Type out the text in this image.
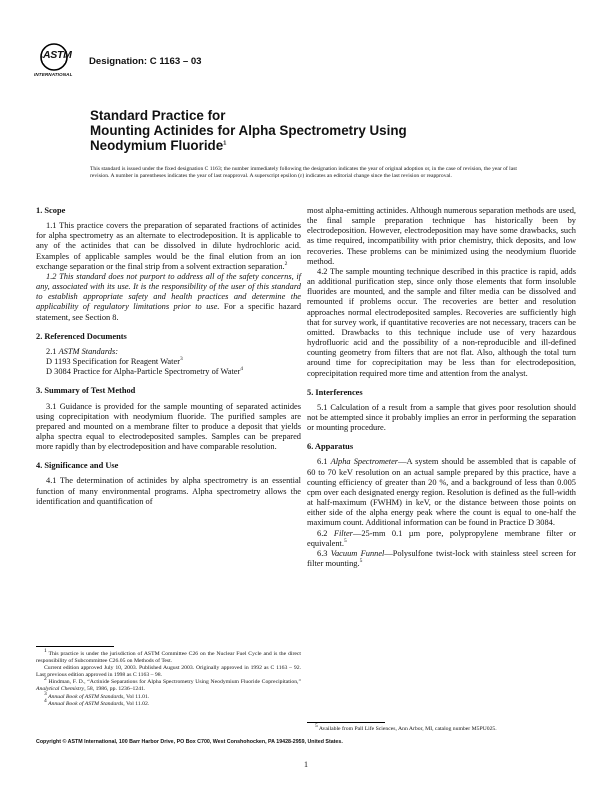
ASTM
INTERNATIONAL
Designation: C 1163 – 03
Standard Practice for
Mounting Actinides for Alpha Spectrometry Using
Neodymium Fluoride$^1$
This standard is issued under the fixed designation C 1163; the number immediately following the designation indicates the year of original adoption or, in the case of revision, the year of last revision. A number in parentheses indicates the year of last reapproval. A superscript epsilon (ε) indicates an editorial change since the last revision or reapproval.
1. Scope

1.1 This practice covers the preparation of separated fractions of actinides for alpha spectrometry as an alternate to electrodeposition. It is applicable to any of the actinides that can be dissolved in dilute hydrochloric acid. Examples of applicable samples would be the final elution from an ion exchange separation or the final strip from a solvent extraction separation.$^2$

1.2 This standard does not purport to address all of the safety concerns, if any, associated with its use. It is the responsibility of the user of this standard to establish appropriate safety and health practices and determine the applicability of regulatory limitations prior to use. For a specific hazard statement, see Section 8.

2. Referenced Documents

2.1 ASTM Standards:

D 1193 Specification for Reagent Water$^3$
D 3084 Practice for Alpha-Particle Spectrometry of Water$^4$
3. Summary of Test Method

3.1 Guidance is provided for the sample mounting of separated actinides using coprecipitation with neodymium fluoride. The purified samples are prepared and mounted on a membrane filter to produce a deposit that yields alpha spectra equal to electrodeposited samples. Samples can be prepared more rapidly than by electrodeposition and have comparable resolution.

4. Significance and Use

4.1 The determination of actinides by alpha spectrometry is an essential function of many environmental programs. Alpha spectrometry allows the identification and quantification of

most alpha-emitting actinides. Although numerous separation methods are used, the final sample preparation technique has historically been by electrodeposition. However, electrodeposition may have some drawbacks, such as time required, incompatibility with prior chemistry, thick deposits, and low recoveries. These problems can be minimized using the neodymium fluoride method.

4.2 The sample mounting technique described in this practice is rapid, adds an additional purification step, since only those elements that form insoluble fluorides are mounted, and the sample and filter media can be dissolved and remounted if problems occur. The recoveries are better and resolution approaches normal electrodeposited samples. Recoveries are sufficiently high that for survey work, if quantitative recoveries are not necessary, tracers can be omitted. Drawbacks to this technique include use of very hazardous hydrofluoric acid and the possibility of a non-reproducible and ill-defined counting geometry from filters that are not flat. Also, although the total turn around time for coprecipitation may be less than for electrodeposition, coprecipitation required more time and attention from the analyst.

5. Interferences

5.1 Calculation of a result from a sample that gives poor resolution should not be attempted since it probably implies an error in performing the separation or mounting procedure.

6. Apparatus

6.1 Alpha Spectrometer—A system should be assembled that is capable of 60 to 70 keV resolution on an actual sample prepared by this practice, have a counting efficiency of greater than 20 %, and a background of less than 0.005 cpm over each designated energy region. Resolution is defined as the full-width at half-maximum (FWHM) in keV, or the distance between those points on either side of the alpha energy peak where the count is equal to one-half the maximum count. Additional information can be found in Practice D 3084.

6.2 Filter—25-mm 0.1 µm pore, polypropylene membrane filter or equivalent.$^5$

6.3 Vacuum Funnel—Polysulfone twist-lock with stainless steel screen for filter mounting.$^5$

1 This practice is under the jurisdiction of ASTM Committee C26 on the Nuclear Fuel Cycle and is the direct responsibility of Subcommittee C26.05 on Methods of Test.

Current edition approved July 10, 2003. Published August 2003. Originally approved in 1992 as C 1163 – 92. Last previous edition approved in 1998 as C 1163 – 98.

2 Hindman, F. D., “Actinide Separations for Alpha Spectrometry Using Neodymium Fluoride Coprecipitation,” Analytical Chemistry, 58, 1986, pp. 1236–1241.

3 Annual Book of ASTM Standards, Vol 11.01.

4 Annual Book of ASTM Standards, Vol 11.02.

5 Available from Pall Life Sciences, Ann Arbor, MI, catalog number M5PU025.

Copyright © ASTM International, 100 Barr Harbor Drive, PO Box C700, West Conshohocken, PA 19428-2959, United States.
1
